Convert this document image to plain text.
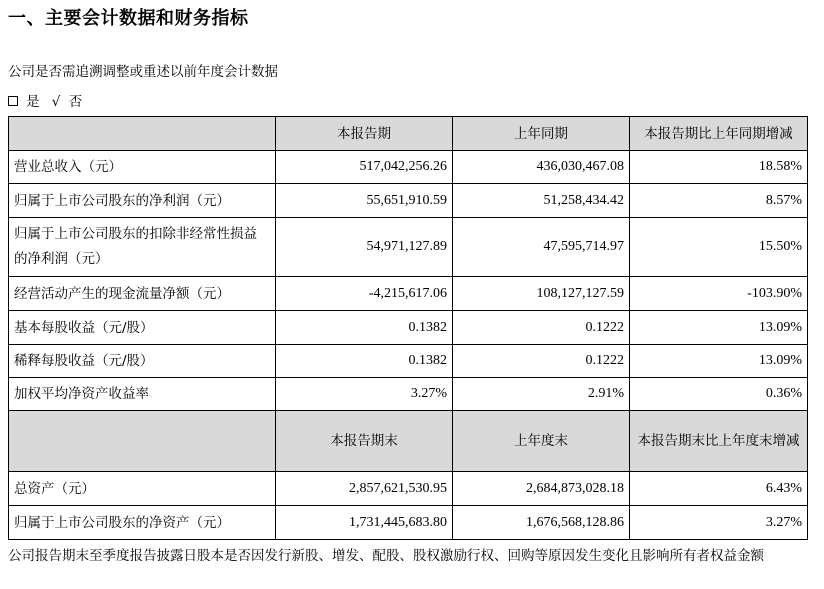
一、主要会计数据和财务指标
公司是否需追溯调整或重述以前年度会计数据
是 √ 否
	本报告期	上年同期	本报告期比上年同期增减
营业总收入（元）	517,042,256.26	436,030,467.08	18.58%
归属于上市公司股东的净利润（元）	55,651,910.59	51,258,434.42	8.57%
归属于上市公司股东的扣除非经常性损益的净利润（元）	54,971,127.89	47,595,714.97	15.50%
经营活动产生的现金流量净额（元）	-4,215,617.06	108,127,127.59	-103.90%
基本每股收益（元/股）	0.1382	0.1222	13.09%
稀释每股收益（元/股）	0.1382	0.1222	13.09%
加权平均净资产收益率	3.27%	2.91%	0.36%
	本报告期末	上年度末	本报告期末比上年度末增减
总资产（元）	2,857,621,530.95	2,684,873,028.18	6.43%
归属于上市公司股东的净资产（元）	1,731,445,683.80	1,676,568,128.86	3.27%
公司报告期末至季度报告披露日股本是否因发行新股、增发、配股、股权激励行权、回购等原因发生变化且影响所有者权益金额
